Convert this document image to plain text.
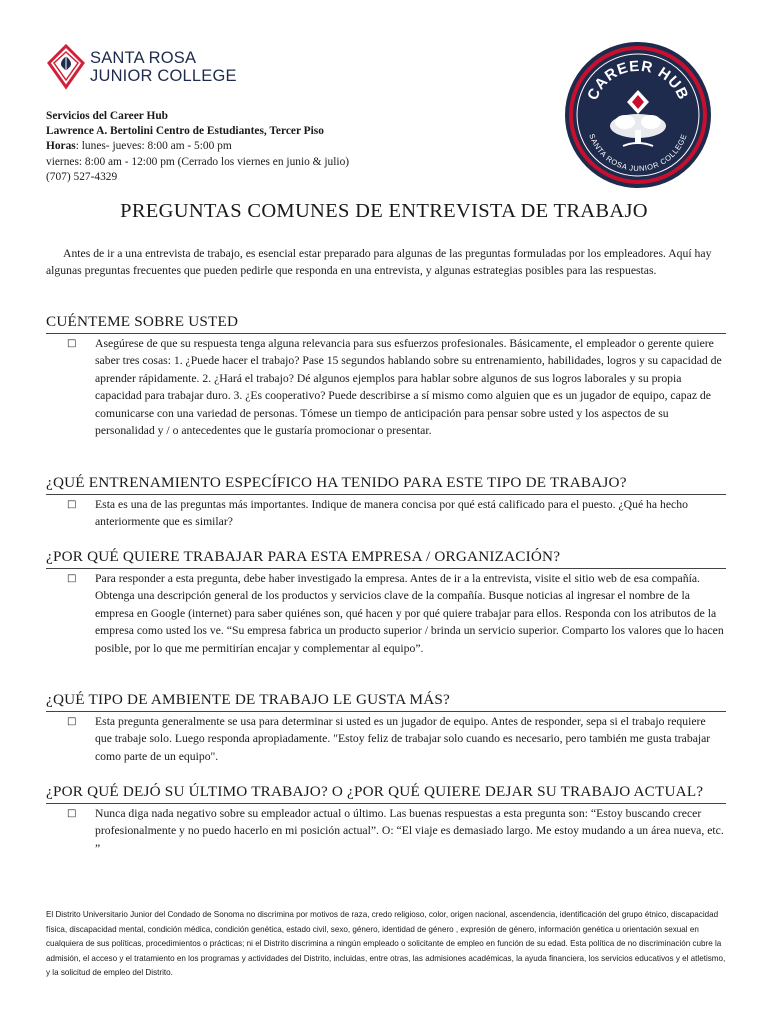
SANTA ROSA
JUNIOR COLLEGE
CAREER HUB
SANTA ROSA JUNIOR COLLEGE
Servicios del Career Hub
Lawrence A. Bertolini Centro de Estudiantes, Tercer Piso
Horas: lunes- jueves: 8:00 am - 5:00 pm
viernes: 8:00 am - 12:00 pm (Cerrado los viernes en junio & julio)
(707) 527-4329
PREGUNTAS COMUNES DE ENTREVISTA DE TRABAJO

Antes de ir a una entrevista de trabajo, es esencial estar preparado para algunas de las preguntas formuladas por los empleadores. Aquí hay algunas preguntas frecuentes que pueden pedirle que responda en una entrevista, y algunas estrategias posibles para las respuestas.

CUÉNTEME SOBRE USTED
□	Asegúrese de que su respuesta tenga alguna relevancia para sus esfuerzos profesionales. Básicamente, el empleador o gerente quiere saber tres cosas: 1. ¿Puede hacer el trabajo? Pase 15 segundos hablando sobre su entrenamiento, habilidades, logros y su capacidad de aprender rápidamente. 2. ¿Hará el trabajo? Dé algunos ejemplos para hablar sobre algunos de sus logros laborales y su propia capacidad para trabajar duro. 3. ¿Es cooperativo? Puede describirse a sí mismo como alguien que es un jugador de equipo, capaz de comunicarse con una variedad de personas. Tómese un tiempo de anticipación para pensar sobre usted y los aspectos de su personalidad y / o antecedentes que le gustaría promocionar o presentar.

¿QUÉ ENTRENAMIENTO ESPECÍFICO HA TENIDO PARA ESTE TIPO DE TRABAJO?
□	Esta es una de las preguntas más importantes. Indique de manera concisa por qué está calificado para el puesto. ¿Qué ha hecho anteriormente que es similar?

¿POR QUÉ QUIERE TRABAJAR PARA ESTA EMPRESA / ORGANIZACIÓN?
□	Para responder a esta pregunta, debe haber investigado la empresa. Antes de ir a la entrevista, visite el sitio web de esa compañía. Obtenga una descripción general de los productos y servicios clave de la compañía. Busque noticias al ingresar el nombre de la empresa en Google (internet) para saber quiénes son, qué hacen y por qué quiere trabajar para ellos. Responda con los atributos de la empresa como usted los ve. “Su empresa fabrica un producto superior / brinda un servicio superior. Comparto los valores que lo hacen posible, por lo que me permitirían encajar y complementar al equipo”.

¿QUÉ TIPO DE AMBIENTE DE TRABAJO LE GUSTA MÁS?
□	Esta pregunta generalmente se usa para determinar si usted es un jugador de equipo. Antes de responder, sepa si el trabajo requiere que trabaje solo. Luego responda apropiadamente. "Estoy feliz de trabajar solo cuando es necesario, pero también me gusta trabajar como parte de un equipo".

¿POR QUÉ DEJÓ SU ÚLTIMO TRABAJO? O ¿POR QUÉ QUIERE DEJAR SU TRABAJO ACTUAL?
□	Nunca diga nada negativo sobre su empleador actual o último. Las buenas respuestas a esta pregunta son: “Estoy buscando crecer profesionalmente y no puedo hacerlo en mi posición actual”. O: “El viaje es demasiado largo. Me estoy mudando a un área nueva, etc. ”

El Distrito Universitario Junior del Condado de Sonoma no discrimina por motivos de raza, credo religioso, color, origen nacional, ascendencia, identificación del grupo étnico, discapacidad física, discapacidad mental, condición médica, condición genética, estado civil, sexo, género, identidad de género , expresión de género, información genética u orientación sexual en cualquiera de sus políticas, procedimientos o prácticas; ni el Distrito discrimina a ningún empleado o solicitante de empleo en función de su edad. Esta política de no discriminación cubre la admisión, el acceso y el tratamiento en los programas y actividades del Distrito, incluidas, entre otras, las admisiones académicas, la ayuda financiera, los servicios educativos y el atletismo, y la solicitud de empleo del Distrito.
